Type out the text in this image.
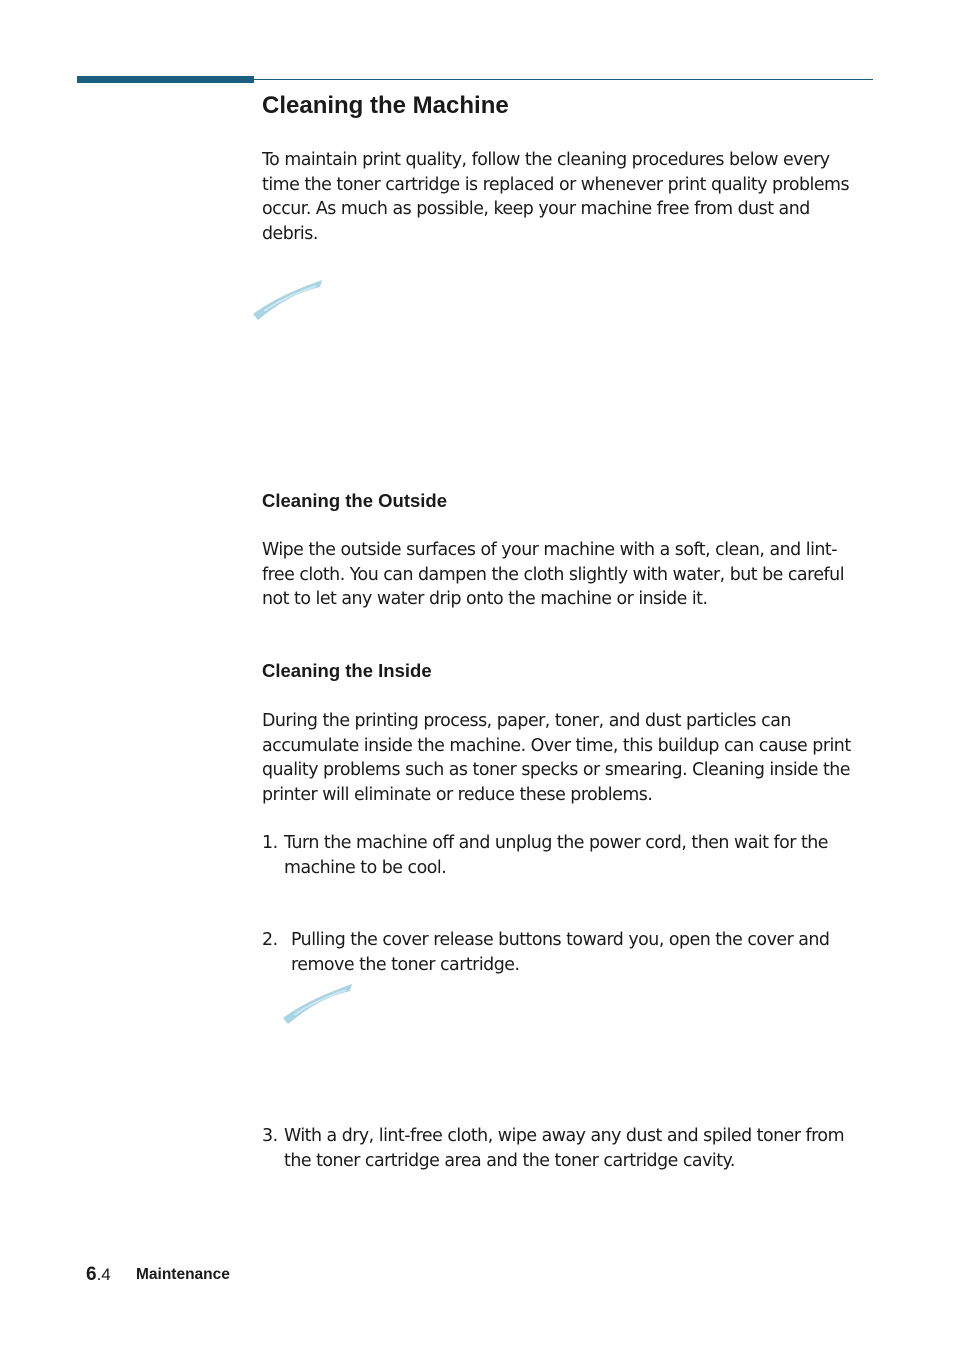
Cleaning the Machine

To maintain print quality, follow the cleaning procedures below every time the toner cartridge is replaced or whenever print quality problems occur. As much as possible, keep your machine free from dust and debris.

Cleaning the Outside

Wipe the outside surfaces of your machine with a soft, clean, and lint-free cloth. You can dampen the cloth slightly with water, but be careful not to let any water drip onto the machine or inside it.

Cleaning the Inside

During the printing process, paper, toner, and dust particles can accumulate inside the machine. Over time, this buildup can cause print quality problems such as toner specks or smearing. Cleaning inside the printer will eliminate or reduce these problems.

1. Turn the machine off and unplug the power cord, then wait for the machine to be cool.
2. Pulling the cover release buttons toward you, open the cover and remove the toner cartridge.
3. With a dry, lint-free cloth, wipe away any dust and spiled toner from the toner cartridge area and the toner cartridge cavity.
6.4 Maintenance
